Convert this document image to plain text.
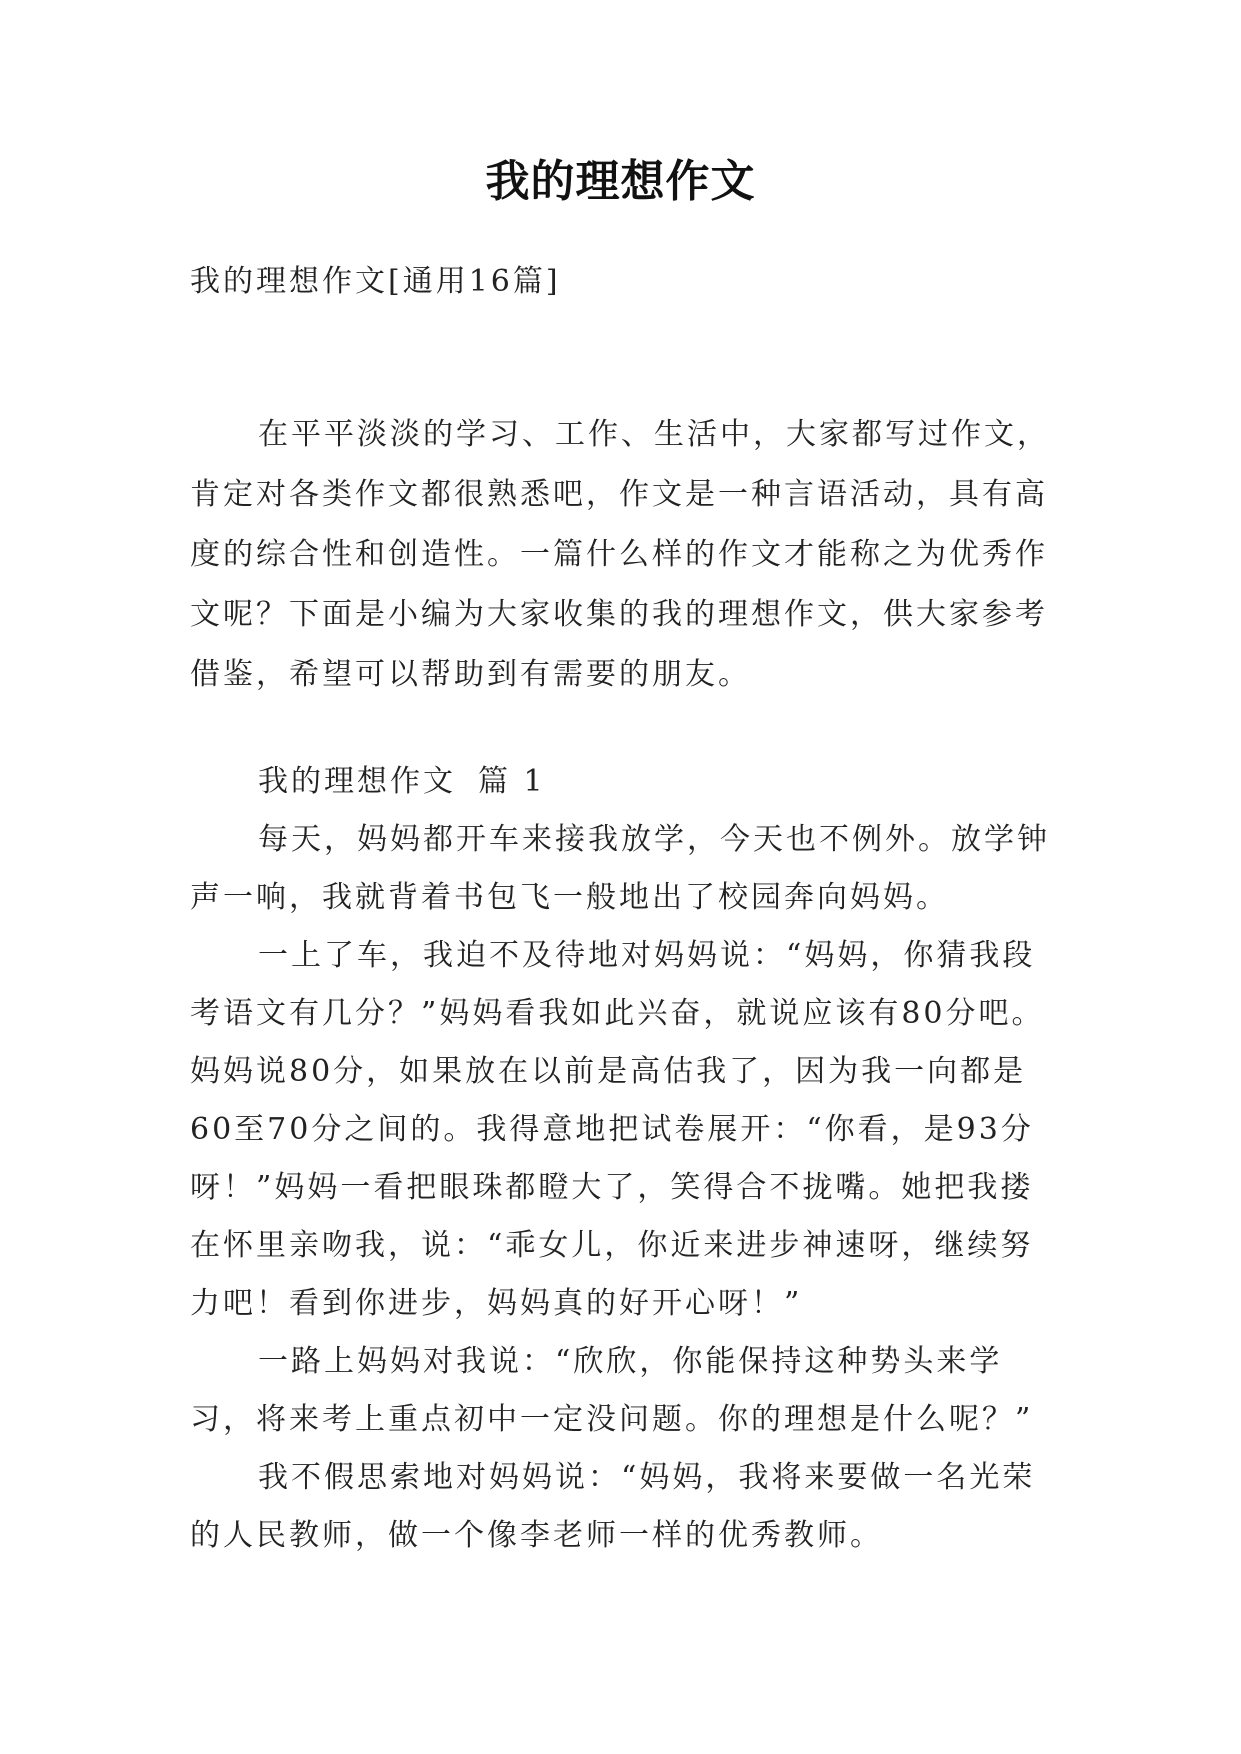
我的理想作文
我的理想作文[通用16篇]
在平平淡淡的学习、工作、生活中，大家都写过作文，肯定对各类作文都很熟悉吧，作文是一种言语活动，具有高度的综合性和创造性。一篇什么样的作文才能称之为优秀作文呢？下面是小编为大家收集的我的理想作文，供大家参考借鉴，希望可以帮助到有需要的朋友。
我的理想作文 篇 1

每天，妈妈都开车来接我放学，今天也不例外。放学钟声一响，我就背着书包飞一般地出了校园奔向妈妈。

一上了车，我迫不及待地对妈妈说：“妈妈，你猜我段考语文有几分？”妈妈看我如此兴奋，就说应该有80分吧。妈妈说80分，如果放在以前是高估我了，因为我一向都是60至70分之间的。我得意地把试卷展开：“你看，是93分呀！”妈妈一看把眼珠都瞪大了，笑得合不拢嘴。她把我搂在怀里亲吻我，说：“乖女儿，你近来进步神速呀，继续努力吧！看到你进步，妈妈真的好开心呀！”

一路上妈妈对我说：“欣欣，你能保持这种势头来学习，将来考上重点初中一定没问题。你的理想是什么呢？”

我不假思索地对妈妈说：“妈妈，我将来要做一名光荣的人民教师，做一个像李老师一样的优秀教师。
